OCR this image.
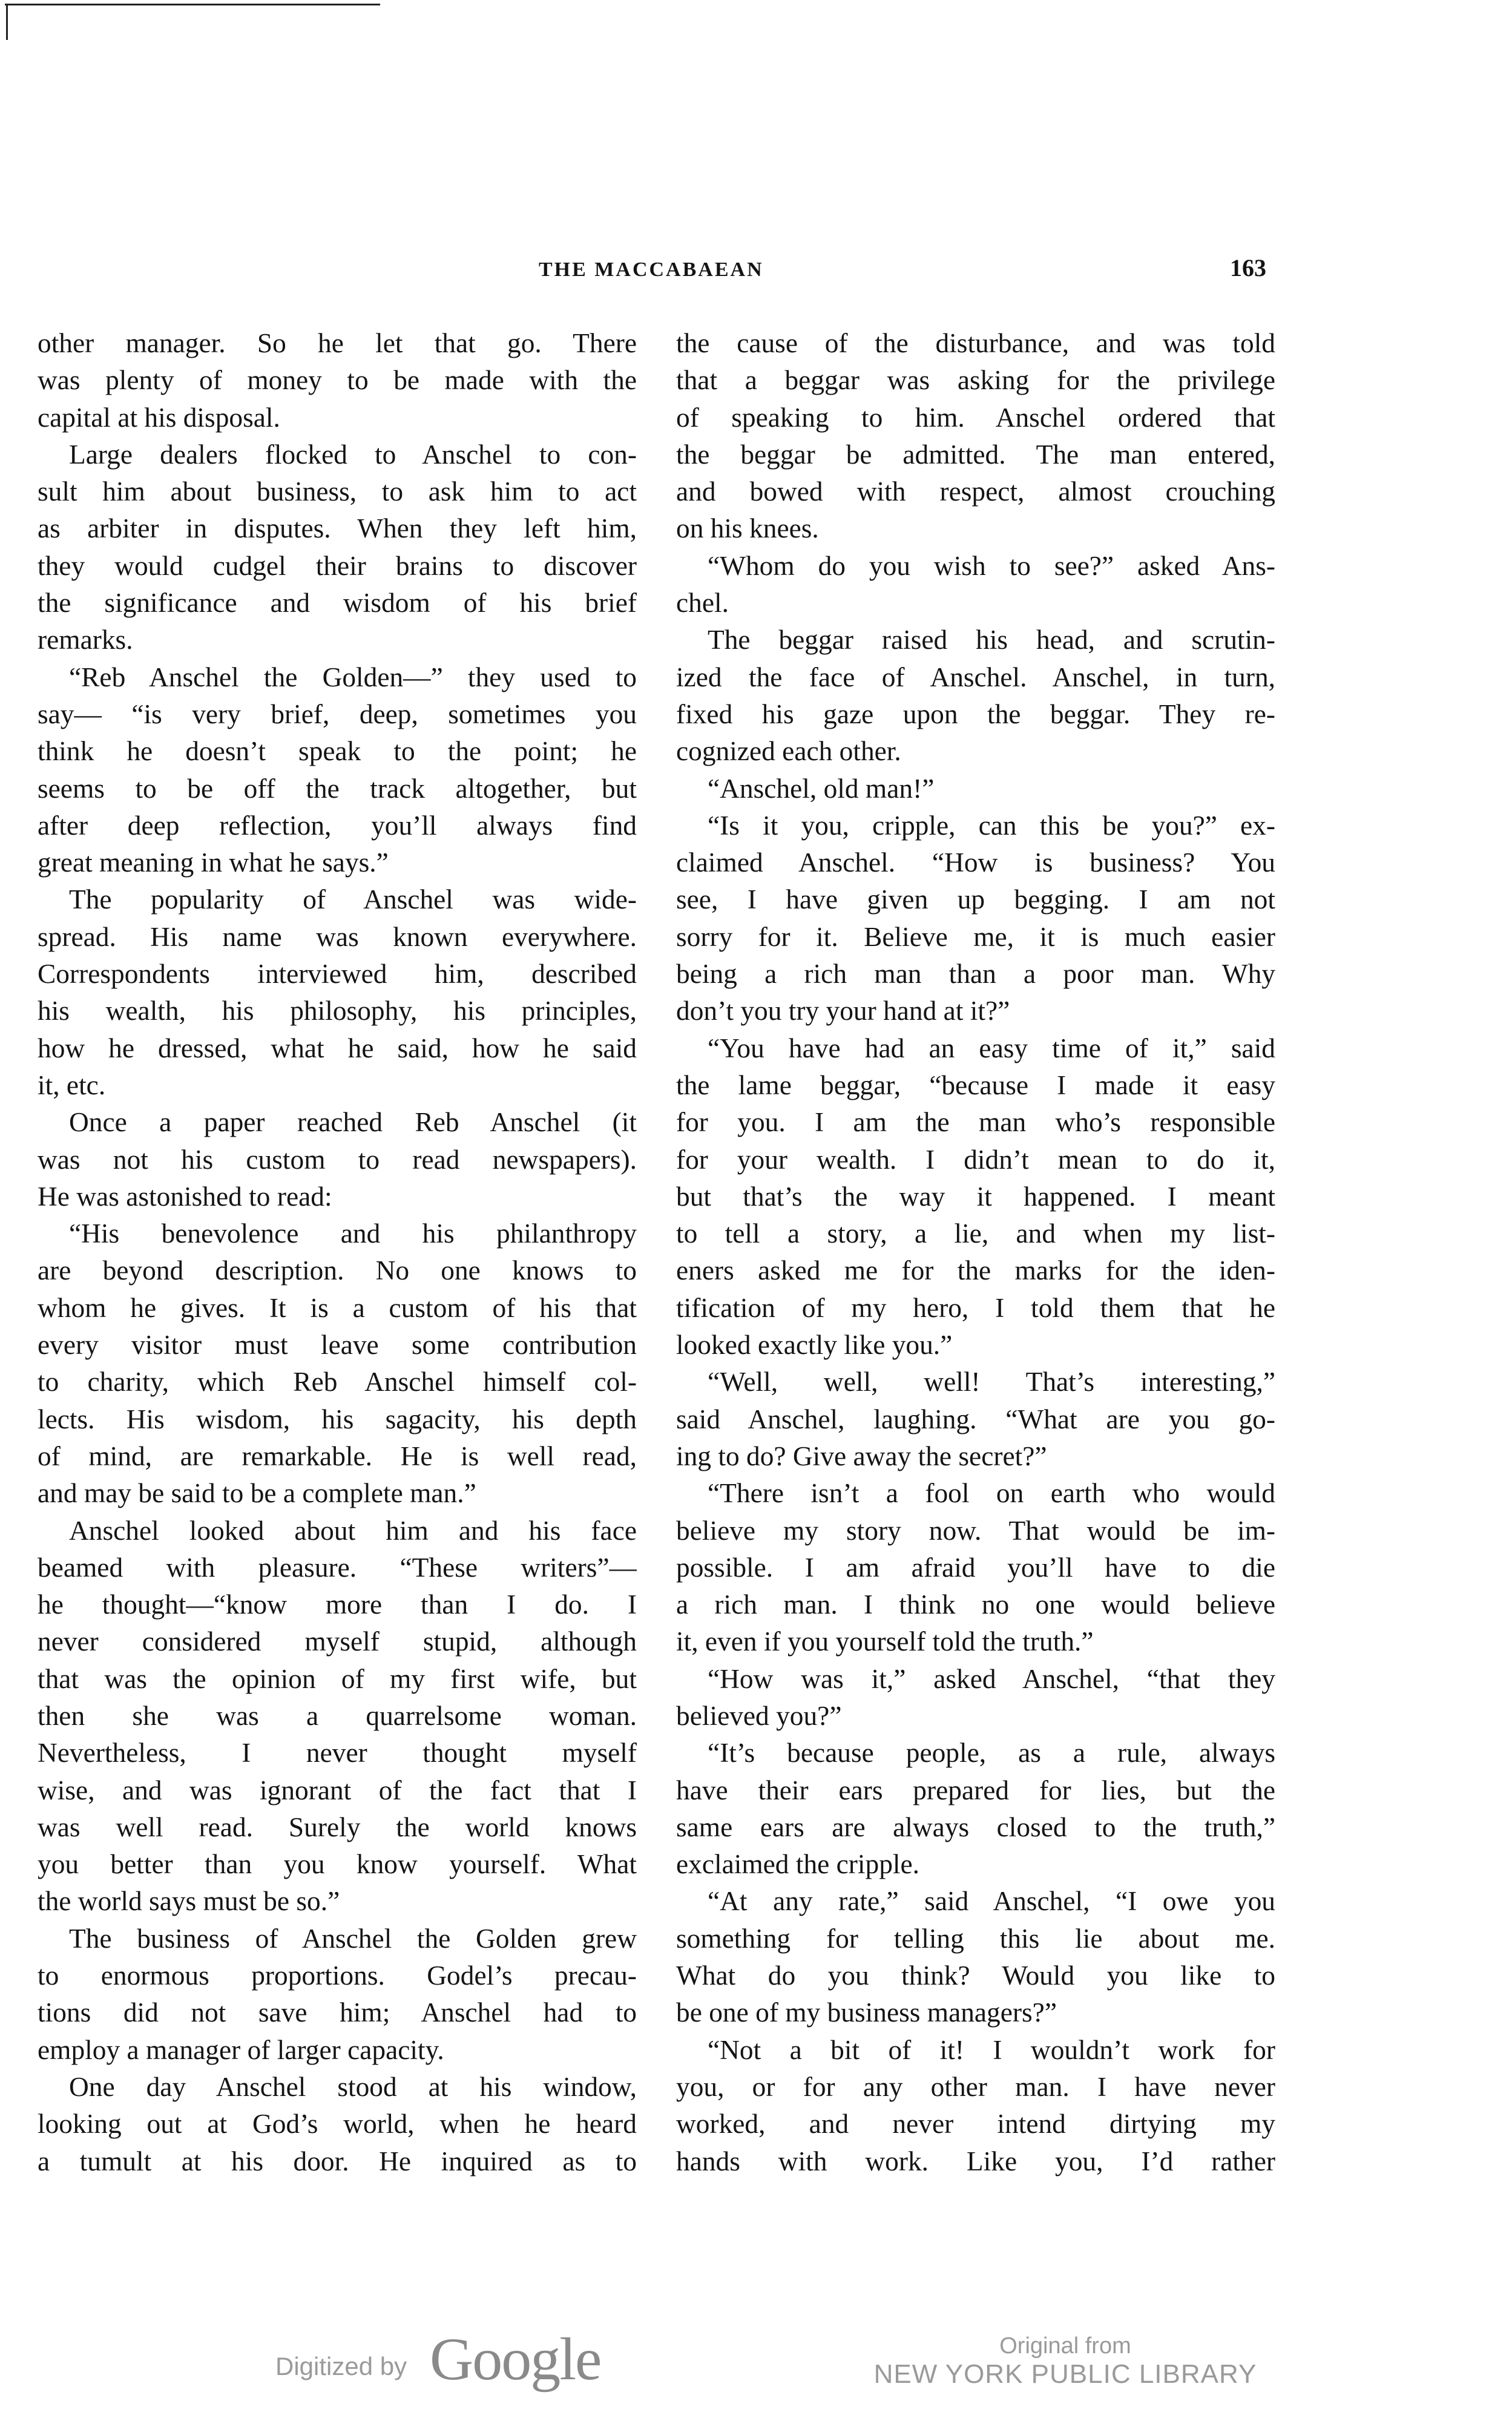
THE MACCABAEAN	163
other manager. So he let that go. There
was plenty of money to be made with the
capital at his disposal.
Large dealers flocked to Anschel to con-
sult him about business, to ask him to act
as arbiter in disputes. When they left him,
they would cudgel their brains to discover
the significance and wisdom of his brief
remarks.
“Reb Anschel the Golden—” they used to
say— “is very brief, deep, sometimes you
think he doesn’t speak to the point; he
seems to be off the track altogether, but
after deep reflection, you’ll always find
great meaning in what he says.”
The popularity of Anschel was wide-
spread. His name was known everywhere.
Correspondents interviewed him, described
his wealth, his philosophy, his principles,
how he dressed, what he said, how he said
it, etc.
Once a paper reached Reb Anschel (it
was not his custom to read newspapers).
He was astonished to read:
“His benevolence and his philanthropy
are beyond description. No one knows to
whom he gives. It is a custom of his that
every visitor must leave some contribution
to charity, which Reb Anschel himself col-
lects. His wisdom, his sagacity, his depth
of mind, are remarkable. He is well read,
and may be said to be a complete man.”
Anschel looked about him and his face
beamed with pleasure. “These writers”—
he thought—“know more than I do. I
never considered myself stupid, although
that was the opinion of my first wife, but
then she was a quarrelsome woman.
Nevertheless, I never thought myself
wise, and was ignorant of the fact that I
was well read. Surely the world knows
you better than you know yourself. What
the world says must be so.”
The business of Anschel the Golden grew
to enormous proportions. Godel’s precau-
tions did not save him; Anschel had to
employ a manager of larger capacity.
One day Anschel stood at his window,
looking out at God’s world, when he heard
a tumult at his door. He inquired as to
the cause of the disturbance, and was told
that a beggar was asking for the privilege
of speaking to him. Anschel ordered that
the beggar be admitted. The man entered,
and bowed with respect, almost crouching
on his knees.
“Whom do you wish to see?” asked Ans-
chel.
The beggar raised his head, and scrutin-
ized the face of Anschel. Anschel, in turn,
fixed his gaze upon the beggar. They re-
cognized each other.
“Anschel, old man!”
“Is it you, cripple, can this be you?” ex-
claimed Anschel. “How is business? You
see, I have given up begging. I am not
sorry for it. Believe me, it is much easier
being a rich man than a poor man. Why
don’t you try your hand at it?”
“You have had an easy time of it,” said
the lame beggar, “because I made it easy
for you. I am the man who’s responsible
for your wealth. I didn’t mean to do it,
but that’s the way it happened. I meant
to tell a story, a lie, and when my list-
eners asked me for the marks for the iden-
tification of my hero, I told them that he
looked exactly like you.”
“Well, well, well! That’s interesting,”
said Anschel, laughing. “What are you go-
ing to do? Give away the secret?”
“There isn’t a fool on earth who would
believe my story now. That would be im-
possible. I am afraid you’ll have to die
a rich man. I think no one would believe
it, even if you yourself told the truth.”
“How was it,” asked Anschel, “that they
believed you?”
“It’s because people, as a rule, always
have their ears prepared for lies, but the
same ears are always closed to the truth,”
exclaimed the cripple.
“At any rate,” said Anschel, “I owe you
something for telling this lie about me.
What do you think? Would you like to
be one of my business managers?”
“Not a bit of it! I wouldn’t work for
you, or for any other man. I have never
worked, and never intend dirtying my
hands with work. Like you, I’d rather
Digitized by Google	Original from
NEW YORK PUBLIC LIBRARY
